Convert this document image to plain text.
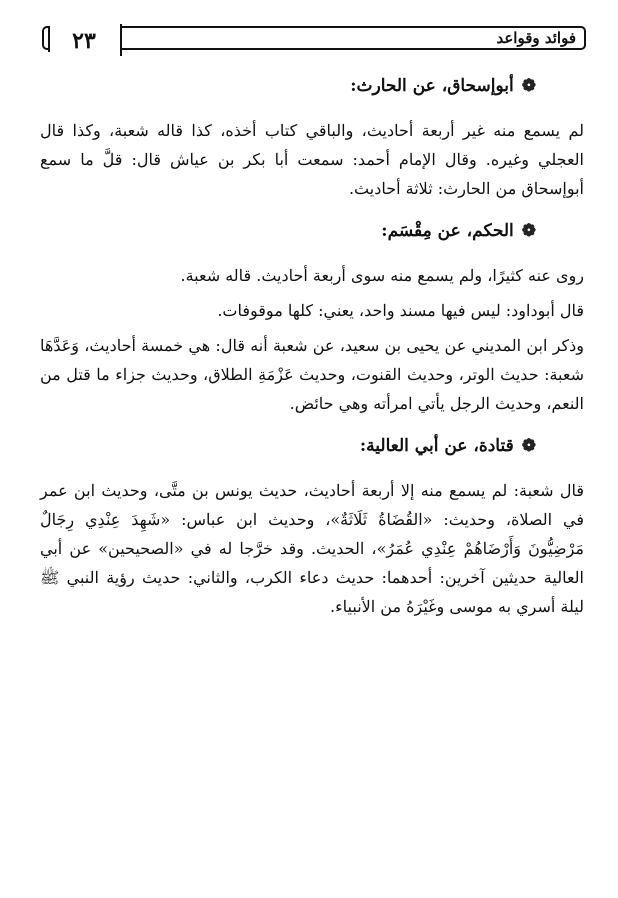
فوائد وقواعد
٢٣
❁أبوإسحاق، عن الحارث:

لم يسمع منه غير أربعة أحاديث، والباقي كتاب أخذه، كذا قاله شعبة، وكذا قال العجلي وغيره. وقال الإمام أحمد: سمعت أبا بكر بن عياش قال: قلَّ ما سمع أبوإسحاق من الحارث: ثلاثة أحاديث.

❁الحكم، عن مِقْسَم:

روى عنه كثيرًا، ولم يسمع منه سوى أربعة أحاديث. قاله شعبة.

قال أبوداود: ليس فيها مسند واحد، يعني: كلها موقوفات.

وذكر ابن المديني عن يحيى بن سعيد، عن شعبة أنه قال: هي خمسة أحاديث، وَعَدَّهَا شعبة: حديث الوتر، وحديث القنوت، وحديث عَزْمَةِ الطلاق، وحديث جزاء ما قتل من النعم، وحديث الرجل يأتي امرأته وهي حائض.

❁قتادة، عن أبي العالية:

قال شعبة: لم يسمع منه إلا أربعة أحاديث، حديث يونس بن متَّى، وحديث ابن عمر في الصلاة، وحديث: «القُضَاةُ ثَلَاثَةٌ»، وحديث ابن عباس: «شَهِدَ عِنْدِي رِجَالٌ مَرْضِيُّونَ وَأَرْضَاهُمْ عِنْدِي عُمَرُ»، الحديث. وقد خرَّجا له في «الصحيحين» عن أبي العالية حديثين آخرين: أحدهما: حديث دعاء الكرب، والثاني: حديث رؤية النبي ﷺ ليلة أسري به موسى وغَيْرَهُ من الأنبياء.
